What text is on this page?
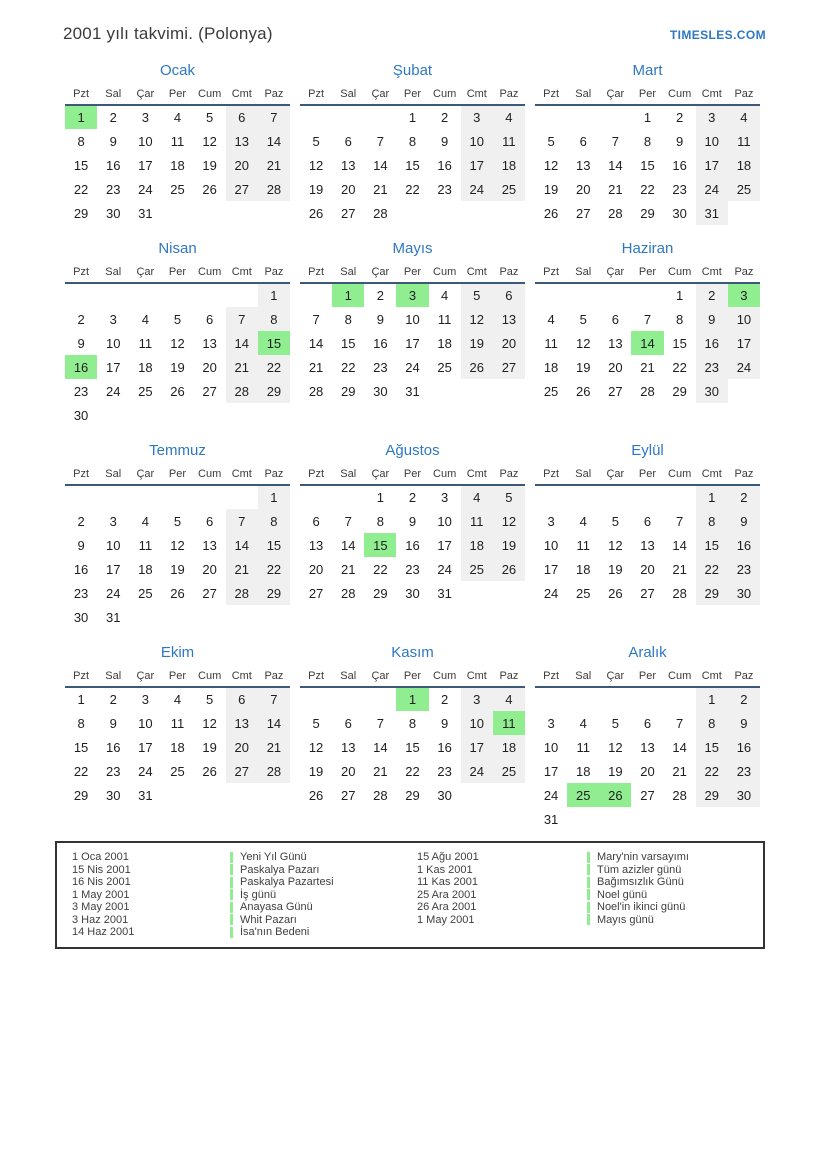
2001 yılı takvimi. (Polonya)	TIMESLES.COM
Ocak
Pzt	Sal	Çar	Per	Cum	Cmt	Paz
1	2	3	4	5	6	7
8	9	10	11	12	13	14
15	16	17	18	19	20	21
22	23	24	25	26	27	28
29	30	31				
Şubat
Pzt	Sal	Çar	Per	Cum	Cmt	Paz
			1	2	3	4
5	6	7	8	9	10	11
12	13	14	15	16	17	18
19	20	21	22	23	24	25
26	27	28				
Mart
Pzt	Sal	Çar	Per	Cum	Cmt	Paz
			1	2	3	4
5	6	7	8	9	10	11
12	13	14	15	16	17	18
19	20	21	22	23	24	25
26	27	28	29	30	31	
Nisan
Pzt	Sal	Çar	Per	Cum	Cmt	Paz
						1
2	3	4	5	6	7	8
9	10	11	12	13	14	15
16	17	18	19	20	21	22
23	24	25	26	27	28	29
30						
Mayıs
Pzt	Sal	Çar	Per	Cum	Cmt	Paz
	1	2	3	4	5	6
7	8	9	10	11	12	13
14	15	16	17	18	19	20
21	22	23	24	25	26	27
28	29	30	31			
Haziran
Pzt	Sal	Çar	Per	Cum	Cmt	Paz
				1	2	3
4	5	6	7	8	9	10
11	12	13	14	15	16	17
18	19	20	21	22	23	24
25	26	27	28	29	30	
Temmuz
Pzt	Sal	Çar	Per	Cum	Cmt	Paz
						1
2	3	4	5	6	7	8
9	10	11	12	13	14	15
16	17	18	19	20	21	22
23	24	25	26	27	28	29
30	31					
Ağustos
Pzt	Sal	Çar	Per	Cum	Cmt	Paz
		1	2	3	4	5
6	7	8	9	10	11	12
13	14	15	16	17	18	19
20	21	22	23	24	25	26
27	28	29	30	31		
Eylül
Pzt	Sal	Çar	Per	Cum	Cmt	Paz
					1	2
3	4	5	6	7	8	9
10	11	12	13	14	15	16
17	18	19	20	21	22	23
24	25	26	27	28	29	30
Ekim
Pzt	Sal	Çar	Per	Cum	Cmt	Paz
1	2	3	4	5	6	7
8	9	10	11	12	13	14
15	16	17	18	19	20	21
22	23	24	25	26	27	28
29	30	31				
Kasım
Pzt	Sal	Çar	Per	Cum	Cmt	Paz
			1	2	3	4
5	6	7	8	9	10	11
12	13	14	15	16	17	18
19	20	21	22	23	24	25
26	27	28	29	30		
Aralık
Pzt	Sal	Çar	Per	Cum	Cmt	Paz
					1	2
3	4	5	6	7	8	9
10	11	12	13	14	15	16
17	18	19	20	21	22	23
24	25	26	27	28	29	30
31						
1 Oca 2001	Yeni Yıl Günü
15 Nis 2001	Paskalya Pazarı
16 Nis 2001	Paskalya Pazartesi
1 May 2001	İş günü
3 May 2001	Anayasa Günü
3 Haz 2001	Whit Pazarı
14 Haz 2001	İsa'nın Bedeni
15 Ağu 2001	Mary'nin varsayımı
1 Kas 2001	Tüm azizler günü
11 Kas 2001	Bağımsızlık Günü
25 Ara 2001	Noel günü
26 Ara 2001	Noel'in ikinci günü
1 May 2001	Mayıs günü
